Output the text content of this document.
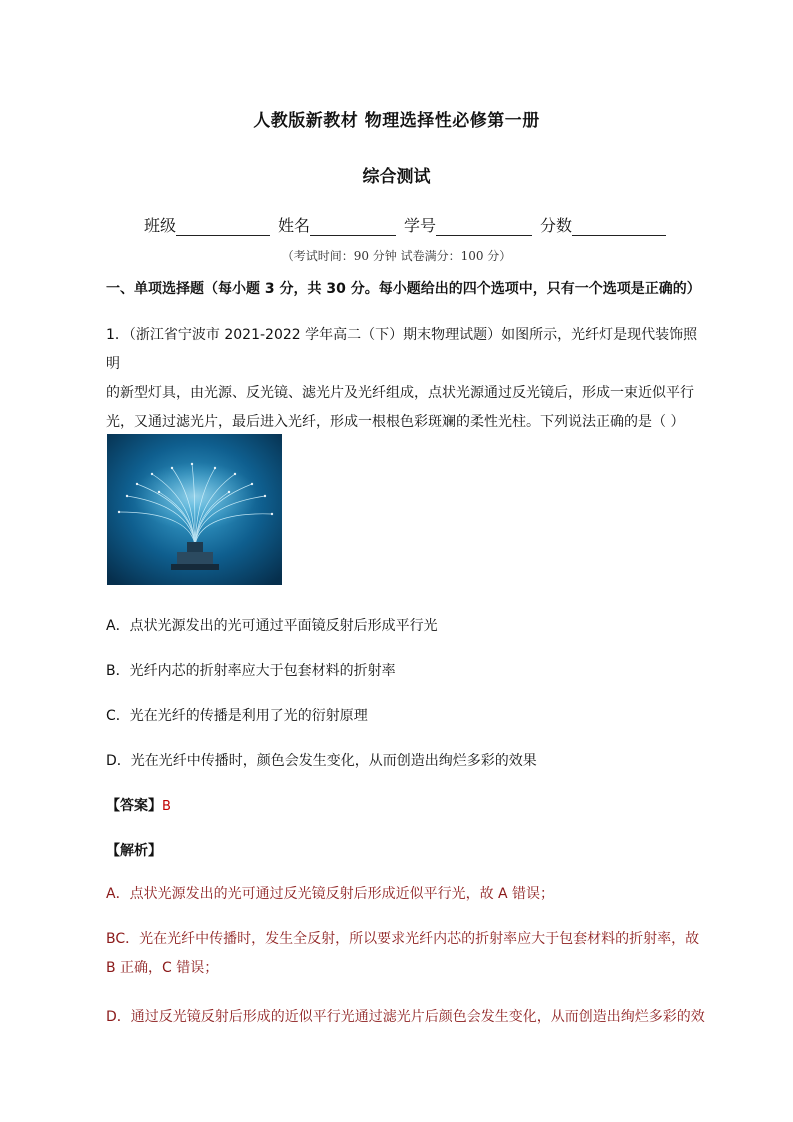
人教版新教材 物理选择性必修第一册
综合测试
班级	姓名	学号	分数
（考试时间：90 分钟 试卷满分：100 分）
一、单项选择题（每小题 3 分，共 30 分。每小题给出的四个选项中，只有一个选项是正确的）
1．（浙江省宁波市 2021-2022 学年高二（下）期末物理试题）如图所示，光纤灯是现代装饰照明
的新型灯具，由光源、反光镜、滤光片及光纤组成，点状光源通过反光镜后，形成一束近似平行
光，又通过滤光片，最后进入光纤，形成一根根色彩斑斓的柔性光柱。下列说法正确的是（ ）
A．点状光源发出的光可通过平面镜反射后形成平行光
B．光纤内芯的折射率应大于包套材料的折射率
C．光在光纤的传播是利用了光的衍射原理
D．光在光纤中传播时，颜色会发生变化，从而创造出绚烂多彩的效果
【答案】B
【解析】
A．点状光源发出的光可通过反光镜反射后形成近似平行光，故 A 错误；
BC．光在光纤中传播时，发生全反射，所以要求光纤内芯的折射率应大于包套材料的折射率，故
B 正确，C 错误；
D．通过反光镜反射后形成的近似平行光通过滤光片后颜色会发生变化，从而创造出绚烂多彩的效
